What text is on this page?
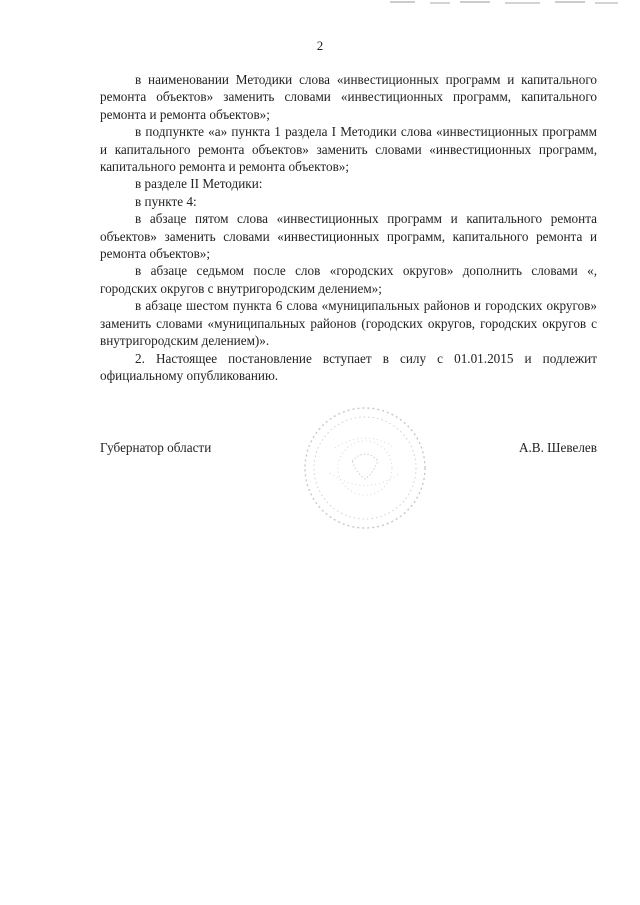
2

в наименовании Методики слова «инвестиционных программ и капитального ремонта объектов» заменить словами «инвестиционных программ, капитального ремонта и ремонта объектов»;

в подпункте «а» пункта 1 раздела I Методики слова «инвестиционных программ и капитального ремонта объектов» заменить словами «инвестиционных программ, капитального ремонта и ремонта объектов»;

в разделе II Методики:

в пункте 4:

в абзаце пятом слова «инвестиционных программ и капитального ремонта объектов» заменить словами «инвестиционных программ, капитального ремонта и ремонта объектов»;

в абзаце седьмом после слов «городских округов» дополнить словами «, городских округов с внутригородским делением»;

в абзаце шестом пункта 6 слова «муниципальных районов и городских округов» заменить словами «муниципальных районов (городских округов, городских округов с внутригородским делением)».

2. Настоящее постановление вступает в силу с 01.01.2015 и подлежит официальному опубликованию.

Губернатор области	А.В. Шевелев
